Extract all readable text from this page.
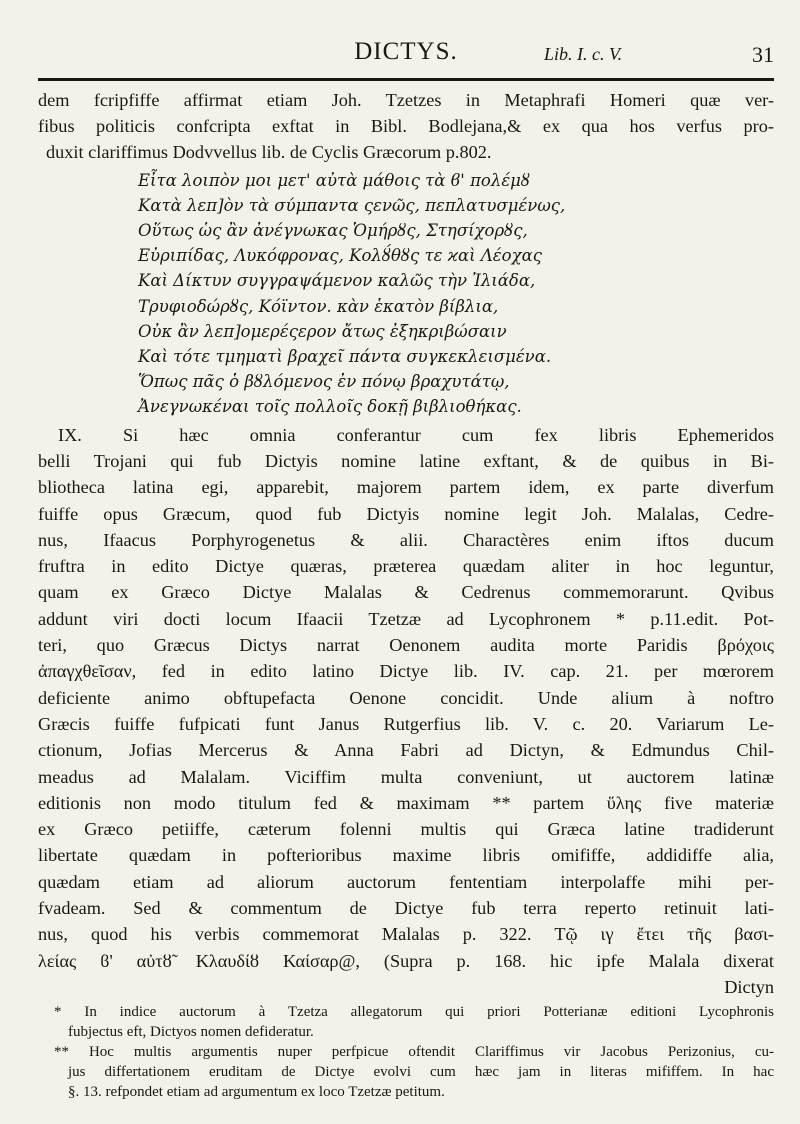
DICTYS.	Lib. I. c. V.	31

dem fcripfiffe affirmat etiam Joh. Tzetzes in Metaphrafi Homeri quæ ver-
fibus politicis confcripta exftat in Bibl. Bodlejana,& ex qua hos verfus pro-
duxit clariffimus Dodvvellus lib. de Cyclis Græcorum p.802.

Εἶτα λοιπὸν μοι μετ' αὐτὰ μάθοις τὰ ϐ' πολέμȣ
Κατὰ λεπ]ὸν τὰ σύμπαντα ςενῶς, πεπλατυσμένως,
Οὕτως ὡς ἂν ἀνέγνωκας Ὁμήρȣς, Στησίχορȣς,
Εὐριπίδας, Λυκόφρονας, Κολȣ́θȣς τε ϰαὶ Λέοχας
Καὶ Δίκτυν συγγραψάμενον καλῶς τὴν Ἰλιάδα,
Τρυφιοδώρȣς, Κόϊντον. κὰν ἑκατὸν βίβλια,
Οὐκ ἂν λεπ]ομερέςερον ἄτως ἐξηκριβώσαιν
Καὶ τότε τμηματὶ βραχεῖ πάντα συγκεκλεισμένα.
Ὅπως πᾶς ὁ βȣλόμενος ἐν πόνῳ βραχυτάτῳ,
Ἀνεγνωκέναι τοῖς πολλοῖς δοκῇ βιβλιοθήκας.
IX. Si hæc omnia conferantur cum fex libris Ephemeridos
belli Trojani qui fub Dictyis nomine latine exftant, & de quibus in Bi-
bliotheca latina egi, apparebit, majorem partem idem, ex parte diverfum
fuiffe opus Græcum, quod fub Dictyis nomine legit Joh. Malalas, Cedre-
nus, Ifaacus Porphyrogenetus & alii. Charactères enim iftos ducum
fruftra in edito Dictye quæras, præterea quædam aliter in hoc leguntur,
quam ex Græco Dictye Malalas & Cedrenus commemorarunt. Qvibus
addunt viri docti locum Ifaacii Tzetzæ ad Lycophronem * p.11.edit. Pot-
teri, quo Græcus Dictys narrat Oenonem audita morte Paridis βρόχοις
ἀπαγχθεῖσαν, fed in edito latino Dictye lib. IV. cap. 21. per mœrorem
deficiente animo obftupefacta Oenone concidit. Unde alium à noftro
Græcis fuiffe fufpicati funt Janus Rutgerfius lib. V. c. 20. Variarum Le-
ctionum, Jofias Mercerus & Anna Fabri ad Dictyn, & Edmundus Chil-
meadus ad Malalam. Viciffim multa conveniunt, ut auctorem latinæ
editionis non modo titulum fed & maximam ** partem ὕλης five materiæ
ex Græco petiiffe, cæterum folenni multis qui Græca latine tradiderunt
libertate quædam in pofterioribus maxime libris omififfe, addidiffe alia,
quædam etiam ad aliorum auctorum fententiam interpolaffe mihi per-
fvadeam. Sed & commentum de Dictye fub terra reperto retinuit lati-
nus, quod his verbis commemorat Malalas p. 322. Τῷ ιγ ἔτει τῆς βασι-
λείας ϐ' αὐτȣ̃ Κλαυδίȣ Καίσαρ@, (Supra p. 168. hic ipfe Malala dixerat
Dictyn
* In indice auctorum à Tzetza allegatorum qui priori Potterianæ editioni Lycophronis
fubjectus eft, Dictyos nomen defideratur.
** Hoc multis argumentis nuper perfpicue oftendit Clariffimus vir Jacobus Perizonius, cu-
jus differtationem eruditam de Dictye evolvi cum hæc jam in literas mififfem. In hac
§. 13. refpondet etiam ad argumentum ex loco Tzetzæ petitum.
